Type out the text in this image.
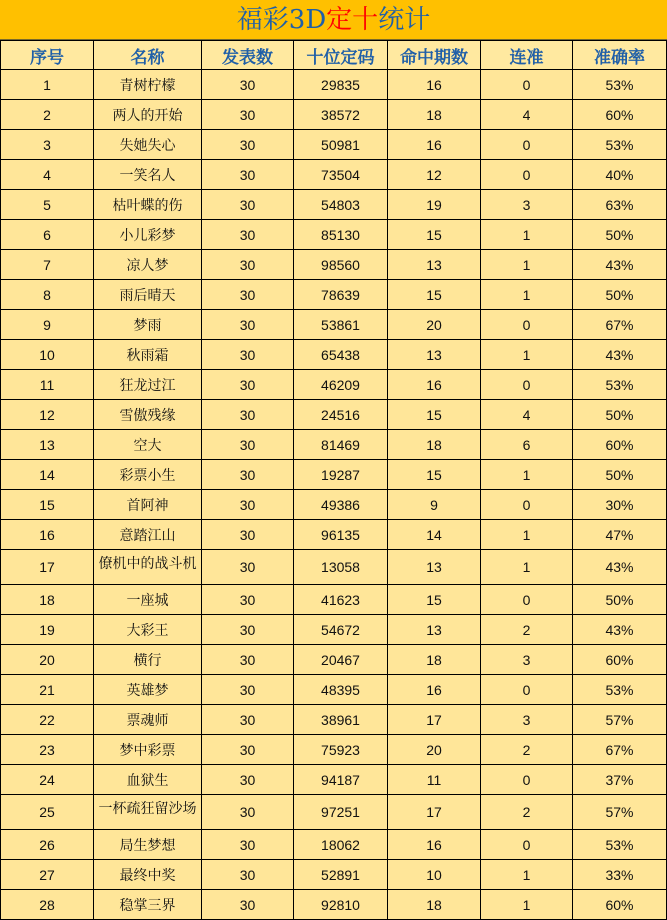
福彩3D定十统计
序号	名称	发表数	十位定码	命中期数	连准	准确率
1	青树柠檬	30	29835	16	0	53%
2	两人的开始	30	38572	18	4	60%
3	失她失心	30	50981	16	0	53%
4	一笑名人	30	73504	12	0	40%
5	枯叶蝶的伤	30	54803	19	3	63%
6	小儿彩梦	30	85130	15	1	50%
7	凉人梦	30	98560	13	1	43%
8	雨后晴天	30	78639	15	1	50%
9	梦雨	30	53861	20	0	67%
10	秋雨霜	30	65438	13	1	43%
11	狂龙过江	30	46209	16	0	53%
12	雪傲残缘	30	24516	15	4	50%
13	空大	30	81469	18	6	60%
14	彩票小生	30	19287	15	1	50%
15	首阿神	30	49386	9	0	30%
16	意踏江山	30	96135	14	1	47%
17	僚机中的战斗机	30	13058	13	1	43%
18	一座城	30	41623	15	0	50%
19	大彩王	30	54672	13	2	43%
20	横行	30	20467	18	3	60%
21	英雄梦	30	48395	16	0	53%
22	票魂师	30	38961	17	3	57%
23	梦中彩票	30	75923	20	2	67%
24	血狱生	30	94187	11	0	37%
25	一杯疏狂留沙场	30	97251	17	2	57%
26	局生梦想	30	18062	16	0	53%
27	最终中奖	30	52891	10	1	33%
28	稳掌三界	30	92810	18	1	60%
